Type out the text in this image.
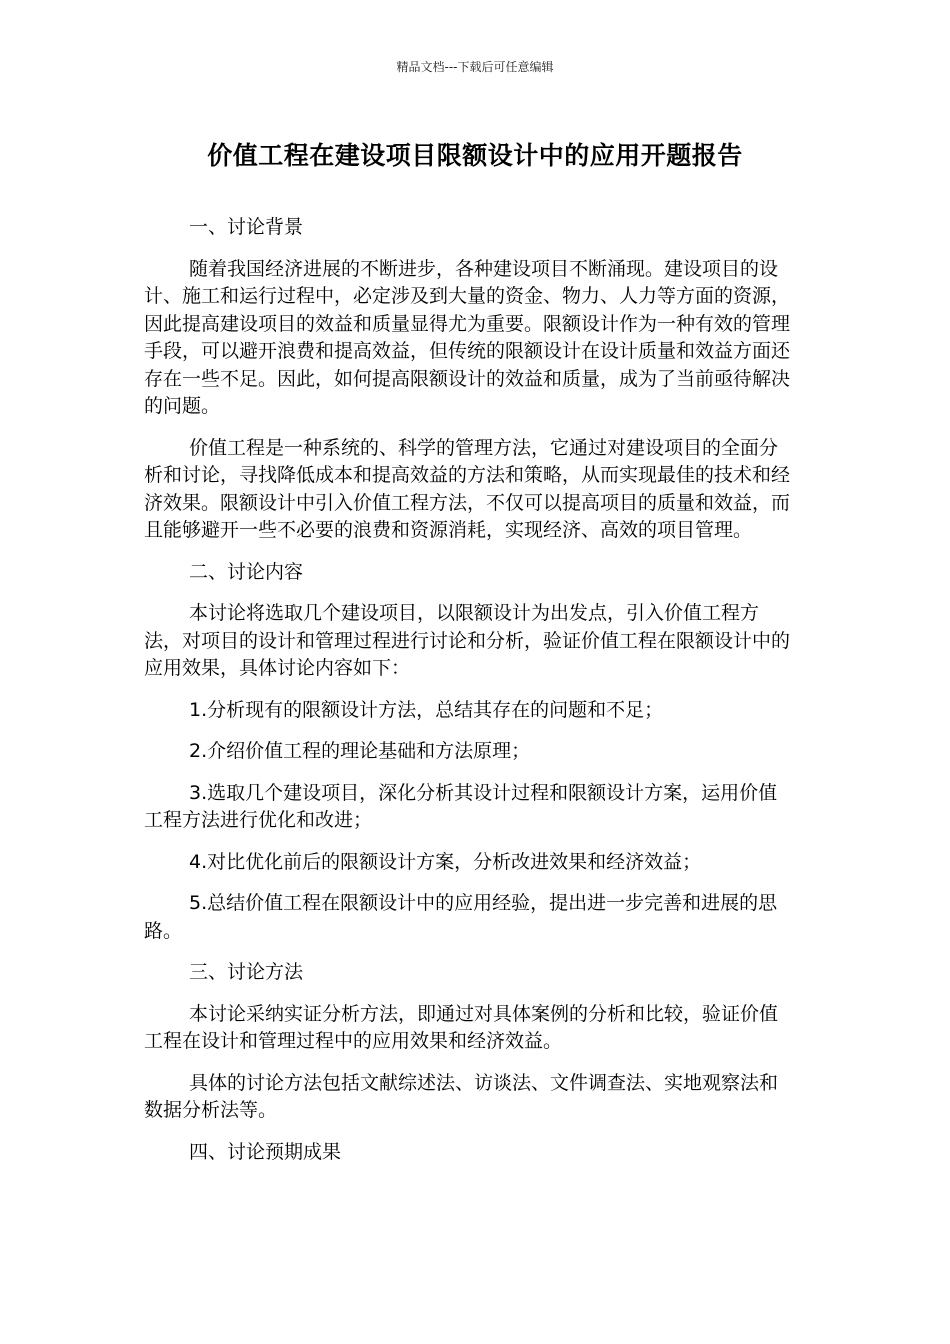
精品文档---下载后可任意编辑
价值工程在建设项目限额设计中的应用开题报告
一、讨论背景
随着我国经济进展的不断进步，各种建设项目不断涌现。建设项目的设计、施工和运行过程中，必定涉及到大量的资金、物力、人力等方面的资源，因此提高建设项目的效益和质量显得尤为重要。限额设计作为一种有效的管理手段，可以避开浪费和提高效益，但传统的限额设计在设计质量和效益方面还存在一些不足。因此，如何提高限额设计的效益和质量，成为了当前亟待解决的问题。
价值工程是一种系统的、科学的管理方法，它通过对建设项目的全面分析和讨论，寻找降低成本和提高效益的方法和策略，从而实现最佳的技术和经济效果。限额设计中引入价值工程方法，不仅可以提高项目的质量和效益，而且能够避开一些不必要的浪费和资源消耗，实现经济、高效的项目管理。
二、讨论内容
本讨论将选取几个建设项目，以限额设计为出发点，引入价值工程方法，对项目的设计和管理过程进行讨论和分析，验证价值工程在限额设计中的应用效果，具体讨论内容如下：
1.分析现有的限额设计方法，总结其存在的问题和不足；
2.介绍价值工程的理论基础和方法原理；
3.选取几个建设项目，深化分析其设计过程和限额设计方案，运用价值工程方法进行优化和改进；
4.对比优化前后的限额设计方案，分析改进效果和经济效益；
5.总结价值工程在限额设计中的应用经验，提出进一步完善和进展的思路。
三、讨论方法
本讨论采纳实证分析方法，即通过对具体案例的分析和比较，验证价值工程在设计和管理过程中的应用效果和经济效益。
具体的讨论方法包括文献综述法、访谈法、文件调查法、实地观察法和数据分析法等。
四、讨论预期成果
